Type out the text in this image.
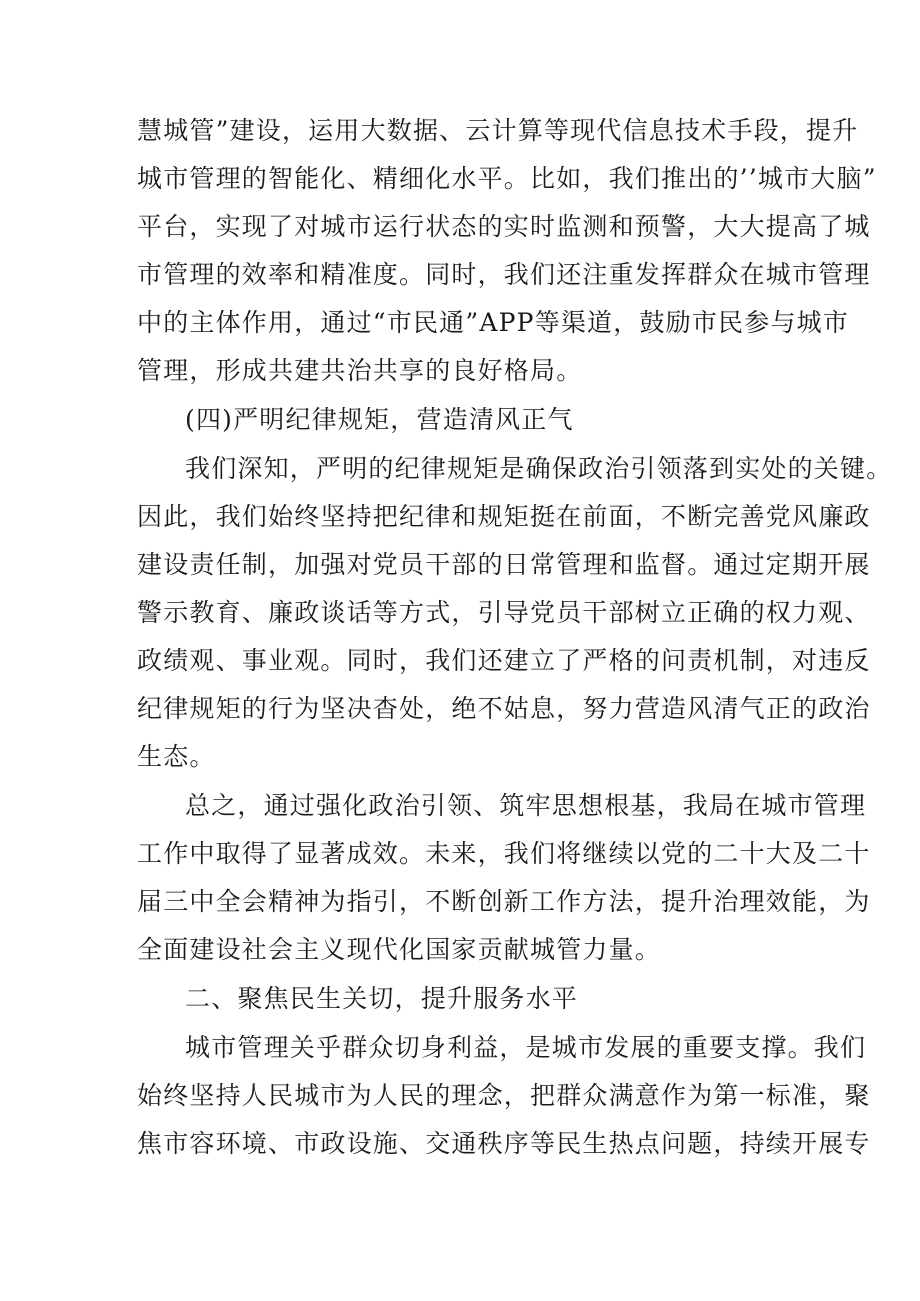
慧城管”建设，运用大数据、云计算等现代信息技术手段，提升
城市管理的智能化、精细化水平。比如，我们推出的’’城市大脑”
平台，实现了对城市运行状态的实时监测和预警，大大提高了城
市管理的效率和精准度。同时，我们还注重发挥群众在城市管理
中的主体作用，通过“市民通”APP等渠道，鼓励市民参与城市
管理，形成共建共治共享的良好格局。
(四)严明纪律规矩，营造清风正气
我们深知，严明的纪律规矩是确保政治引领落到实处的关键。
因此，我们始终坚持把纪律和规矩挺在前面，不断完善党风廉政
建设责任制，加强对党员干部的日常管理和监督。通过定期开展
警示教育、廉政谈话等方式，引导党员干部树立正确的权力观、
政绩观、事业观。同时，我们还建立了严格的问责机制，对违反
纪律规矩的行为坚决杳处，绝不姑息，努力营造风清气正的政治
生态。
总之，通过强化政治引领、筑牢思想根基，我局在城市管理
工作中取得了显著成效。未来，我们将继续以党的二十大及二十
届三中全会精神为指引，不断创新工作方法，提升治理效能，为
全面建设社会主义现代化国家贡献城管力量。
二、聚焦民生关切，提升服务水平
城市管理关乎群众切身利益，是城市发展的重要支撑。我们
始终坚持人民城市为人民的理念，把群众满意作为第一标准，聚
焦市容环境、市政设施、交通秩序等民生热点问题，持续开展专
